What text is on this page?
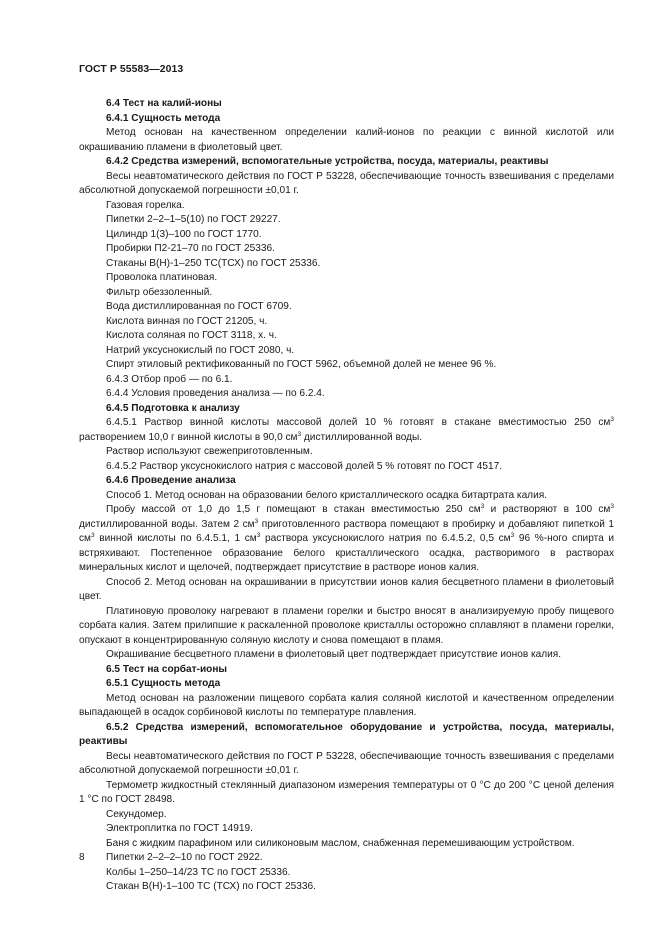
ГОСТ Р 55583—2013

6.4 Тест на калий-ионы

6.4.1 Сущность метода

Метод основан на качественном определении калий-ионов по реакции с винной кислотой или окрашиванию пламени в фиолетовый цвет.

6.4.2 Средства измерений, вспомогательные устройства, посуда, материалы, реактивы

Весы неавтоматического действия по ГОСТ Р 53228, обеспечивающие точность взвешивания с пределами абсолютной допускаемой погрешности ±0,01 г.

Газовая горелка.

Пипетки 2–2–1–5(10) по ГОСТ 29227.

Цилиндр 1(3)–100 по ГОСТ 1770.

Пробирки П2-21–70 по ГОСТ 25336.

Стаканы В(Н)-1–250 ТС(ТСХ) по ГОСТ 25336.

Проволока платиновая.

Фильтр обеззоленный.

Вода дистиллированная по ГОСТ 6709.

Кислота винная по ГОСТ 21205, ч.

Кислота соляная по ГОСТ 3118, х. ч.

Натрий уксуснокислый по ГОСТ 2080, ч.

Спирт этиловый ректификованный по ГОСТ 5962, объемной долей не менее 96 %.

6.4.3 Отбор проб — по 6.1.

6.4.4 Условия проведения анализа — по 6.2.4.

6.4.5 Подготовка к анализу

6.4.5.1 Раствор винной кислоты массовой долей 10 % готовят в стакане вместимостью 250 $см^3$ растворением 10,0 г винной кислоты в 90,0 $см^3$ дистиллированной воды.

Раствор используют свежеприготовленным.

6.4.5.2 Раствор уксуснокислого натрия с массовой долей 5 % готовят по ГОСТ 4517.

6.4.6 Проведение анализа

Способ 1. Метод основан на образовании белого кристаллического осадка битартрата калия.

Пробу массой от 1,0 до 1,5 г помещают в стакан вместимостью 250 $см^3$ и растворяют в 100 $см^3$ дистиллированной воды. Затем 2 $см^3$ приготовленного раствора помещают в пробирку и добавляют пипеткой 1 $см^3$ винной кислоты по 6.4.5.1, 1 $см^3$ раствора уксуснокислого натрия по 6.4.5.2, 0,5 $см^3$ 96 %-ного спирта и встряхивают. Постепенное образование белого кристаллического осадка, растворимого в растворах минеральных кислот и щелочей, подтверждает присутствие в растворе ионов калия.

Способ 2. Метод основан на окрашивании в присутствии ионов калия бесцветного пламени в фиолетовый цвет.

Платиновую проволоку нагревают в пламени горелки и быстро вносят в анализируемую пробу пищевого сорбата калия. Затем прилипшие к раскаленной проволоке кристаллы осторожно сплавляют в пламени горелки, опускают в концентрированную соляную кислоту и снова помещают в пламя.

Окрашивание бесцветного пламени в фиолетовый цвет подтверждает присутствие ионов калия.

6.5 Тест на сорбат-ионы

6.5.1 Сущность метода

Метод основан на разложении пищевого сорбата калия соляной кислотой и качественном определении выпадающей в осадок сорбиновой кислоты по температуре плавления.

6.5.2 Средства измерений, вспомогательное оборудование и устройства, посуда, материалы, реактивы

Весы неавтоматического действия по ГОСТ Р 53228, обеспечивающие точность взвешивания с пределами абсолютной допускаемой погрешности ±0,01 г.

Термометр жидкостный стеклянный диапазоном измерения температуры от 0 °С до 200 °С ценой деления 1 °С по ГОСТ 28498.

Секундомер.

Электроплитка по ГОСТ 14919.

Баня с жидким парафином или силиконовым маслом, снабженная перемешивающим устройством.

Пипетки 2–2–2–10 по ГОСТ 2922.

Колбы 1–250–14/23 ТС по ГОСТ 25336.

Стакан В(Н)-1–100 ТС (ТСХ) по ГОСТ 25336.

8
